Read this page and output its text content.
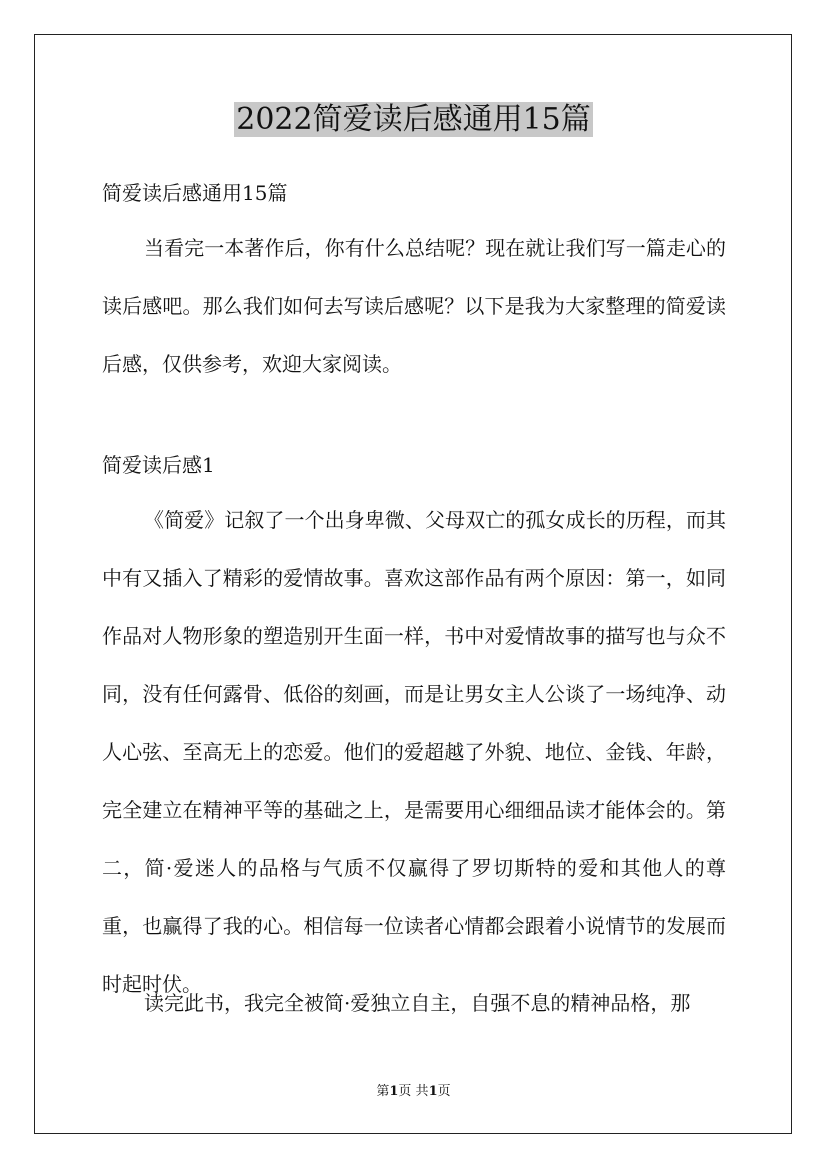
2022简爱读后感通用15篇
简爱读后感通用15篇
当看完一本著作后，你有什么总结呢？现在就让我们写一篇走心的读后感吧。那么我们如何去写读后感呢？以下是我为大家整理的简爱读后感，仅供参考，欢迎大家阅读。
简爱读后感1
《简爱》记叙了一个出身卑微、父母双亡的孤女成长的历程，而其中有又插入了精彩的爱情故事。喜欢这部作品有两个原因：第一，如同作品对人物形象的塑造别开生面一样，书中对爱情故事的描写也与众不同，没有任何露骨、低俗的刻画，而是让男女主人公谈了一场纯净、动人心弦、至高无上的恋爱。他们的爱超越了外貌、地位、金钱、年龄，完全建立在精神平等的基础之上，是需要用心细细品读才能体会的。第二，简·爱迷人的品格与气质不仅赢得了罗切斯特的爱和其他人的尊重，也赢得了我的心。相信每一位读者心情都会跟着小说情节的发展而时起时伏。
读完此书，我完全被简·爱独立自主，自强不息的精神品格，那
第1页 共1页
